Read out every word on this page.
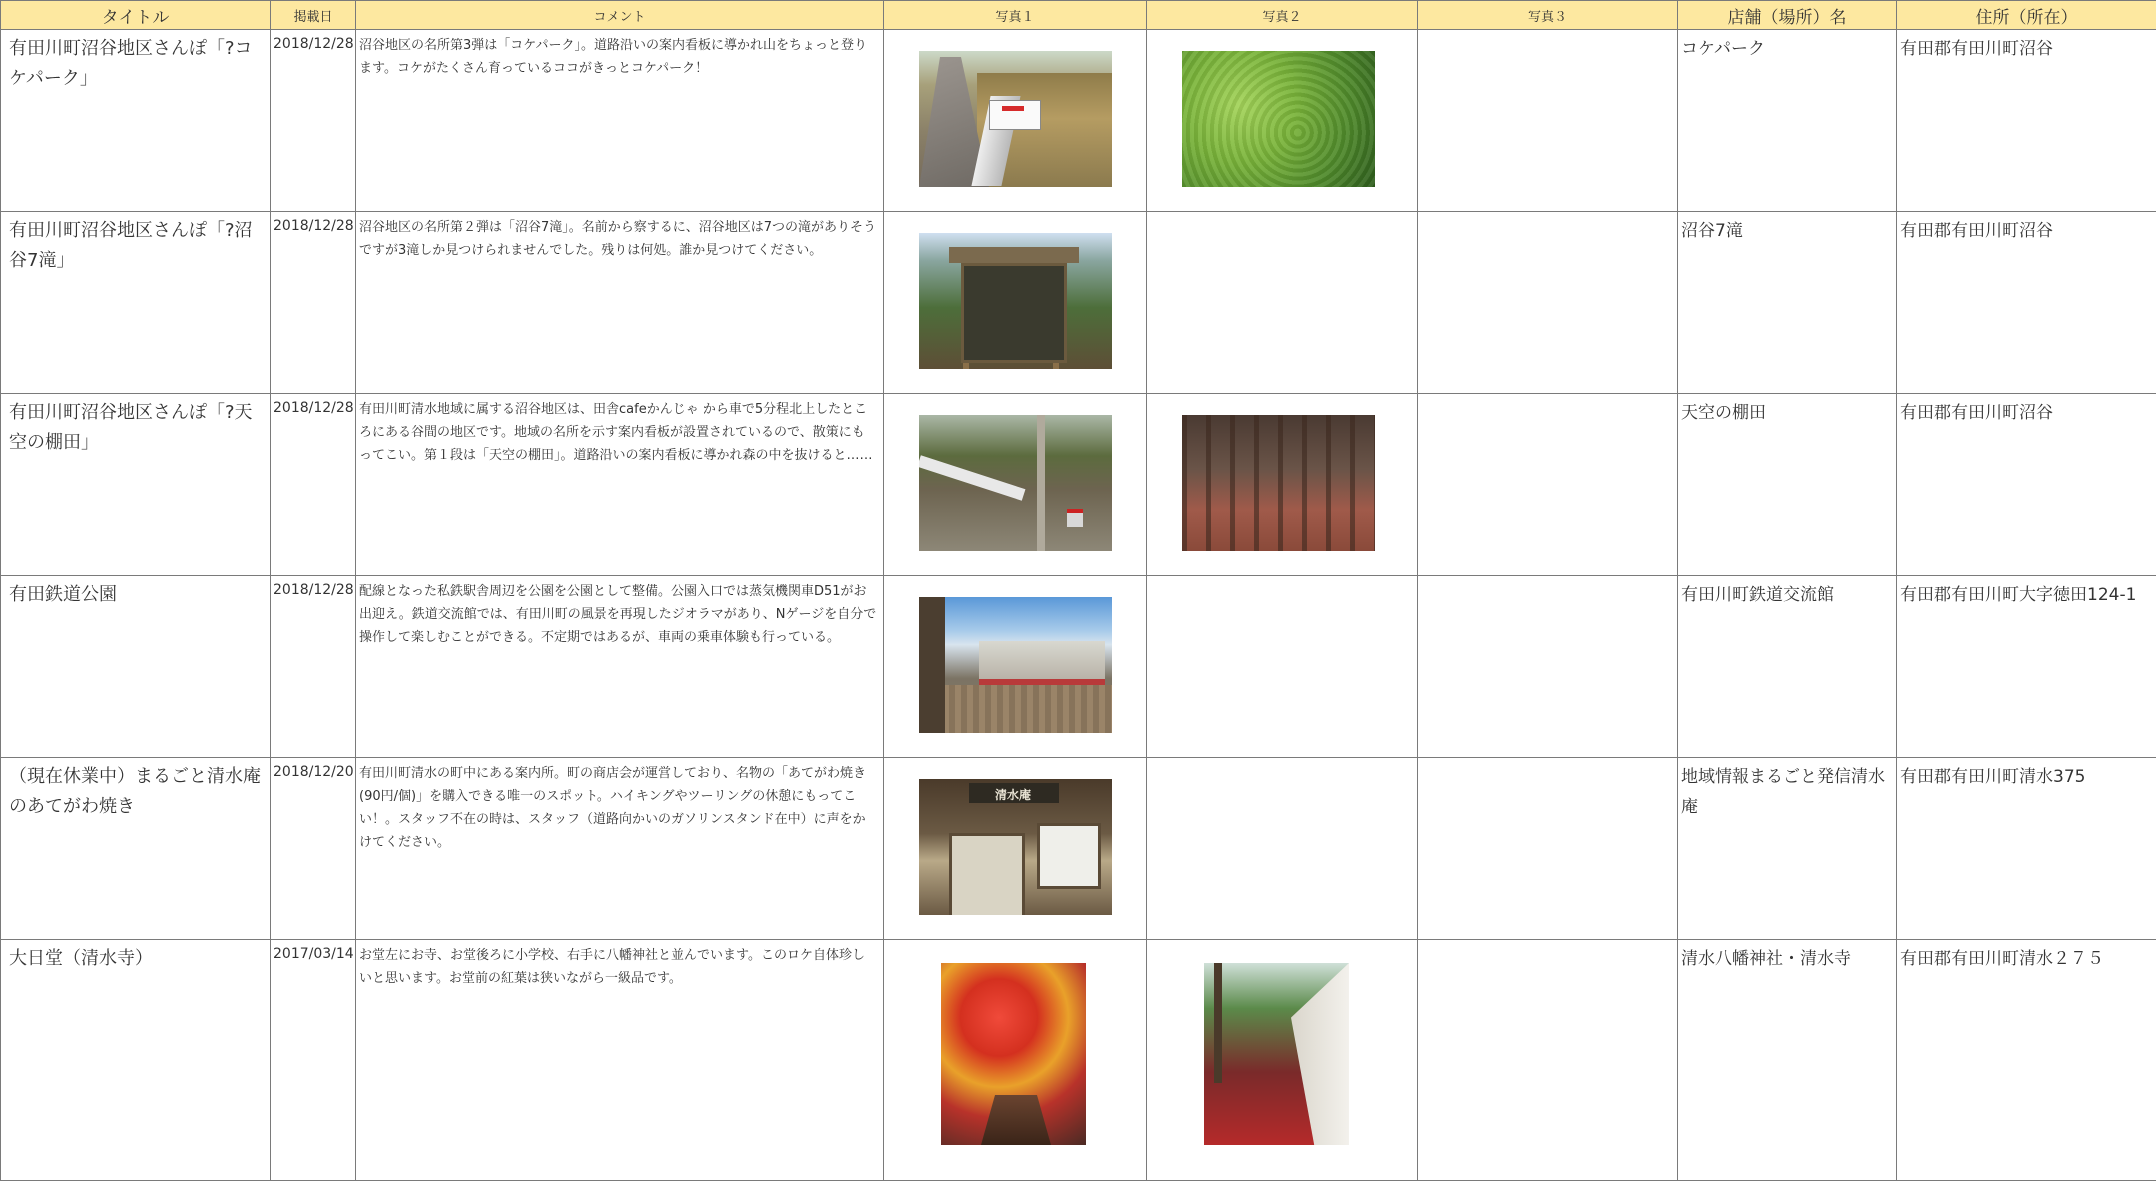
タイトル	掲載日	コメント	写真１	写真２	写真３	店舗（場所）名	住所（所在）

有田川町沼谷地区さんぽ「?コケパーク」	2018/12/28	沼谷地区の名所第3弾は「コケパーク」。道路沿いの案内看板に導かれ山をちょっと登ります。コケがたくさん育っているココがきっとコケパーク！				コケパーク	有田郡有田川町沼谷

有田川町沼谷地区さんぽ「?沼谷7滝」	2018/12/28	沼谷地区の名所第２弾は「沼谷7滝」。名前から察するに、沼谷地区は7つの滝がありそうですが3滝しか見つけられませんでした。残りは何処。誰か見つけてください。				沼谷7滝	有田郡有田川町沼谷

有田川町沼谷地区さんぽ「?天空の棚田」	2018/12/28	有田川町清水地域に属する沼谷地区は、田舎cafeかんじゃ から車で5分程北上したところにある谷間の地区です。地域の名所を示す案内看板が設置されているので、散策にもってこい。第１段は「天空の棚田」。道路沿いの案内看板に導かれ森の中を抜けると……				天空の棚田	有田郡有田川町沼谷

有田鉄道公園	2018/12/28	配線となった私鉄駅舎周辺を公園を公園として整備。公園入口では蒸気機関車D51がお出迎え。鉄道交流館では、有田川町の風景を再現したジオラマがあり、Nゲージを自分で操作して楽しむことができる。不定期ではあるが、車両の乗車体験も行っている。				有田川町鉄道交流館	有田郡有田川町大字徳田124-1

（現在休業中）まるごと清水庵のあてがわ焼き	2018/12/20	有田川町清水の町中にある案内所。町の商店会が運営しており、名物の「あてがわ焼き(90円/個)」を購入できる唯一のスポット。ハイキングやツーリングの休憩にもってこい！。スタッフ不在の時は、スタッフ（道路向かいのガソリンスタンド在中）に声をかけてください。	清水庵			地域情報まるごと発信清水庵	有田郡有田川町清水375

大日堂（清水寺）	2017/03/14	お堂左にお寺、お堂後ろに小学校、右手に八幡神社と並んでいます。このロケ自体珍しいと思います。お堂前の紅葉は狭いながら一級品です。				清水八幡神社・清水寺	有田郡有田川町清水２７５
